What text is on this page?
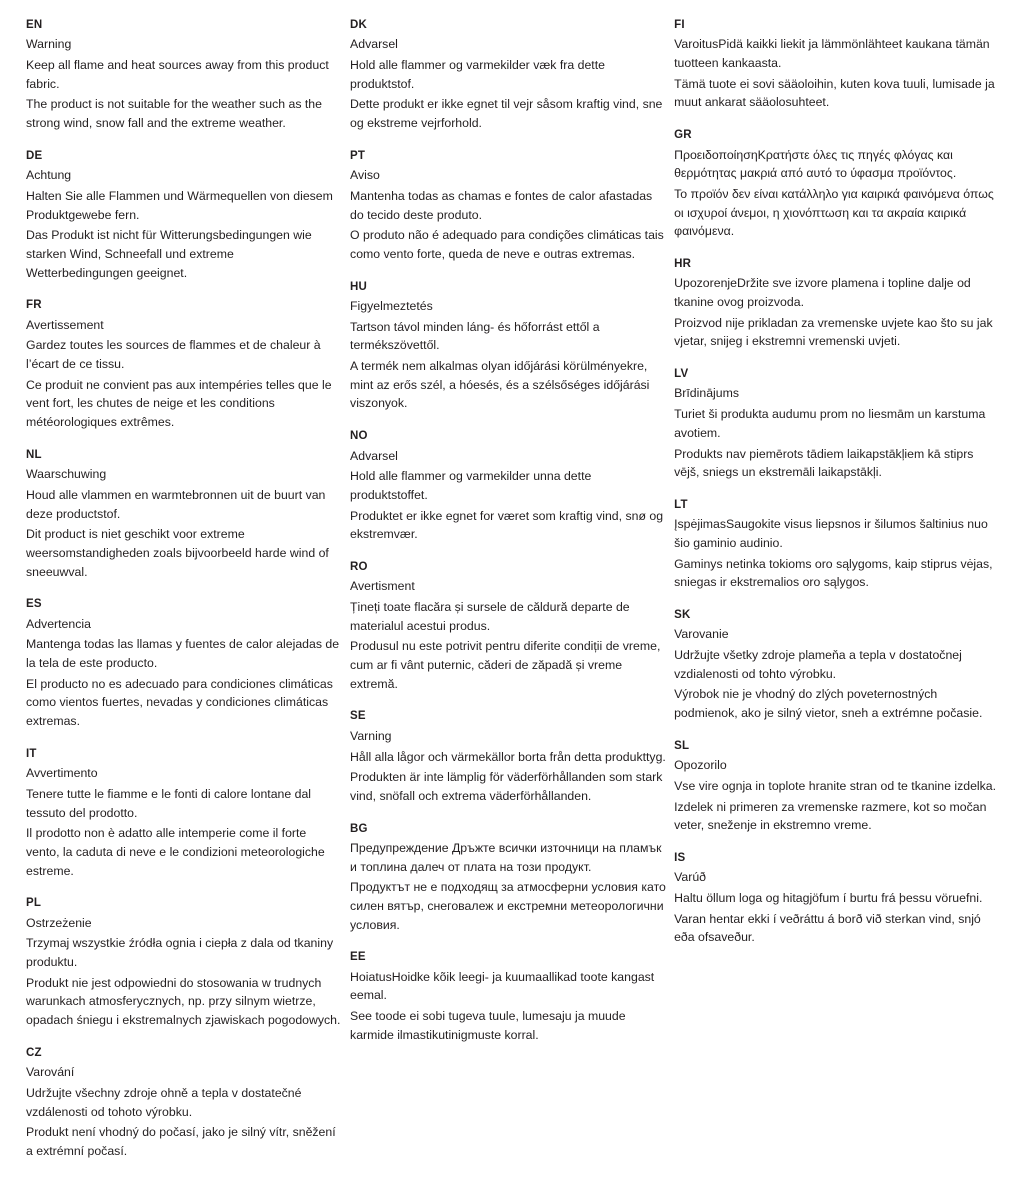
EN
Warning
Keep all flame and heat sources away from this product fabric.
The product is not suitable for the weather such as the strong wind, snow fall and the extreme weather.
DE
Achtung
Halten Sie alle Flammen und Wärmequellen von diesem Produktgewebe fern.
Das Produkt ist nicht für Witterungsbedingungen wie starken Wind, Schneefall und extreme Wetterbedingungen geeignet.
FR
Avertissement
Gardez toutes les sources de flammes et de chaleur à l’écart de ce tissu.
Ce produit ne convient pas aux intempéries telles que le vent fort, les chutes de neige et les conditions météorologiques extrêmes.
NL
Waarschuwing
Houd alle vlammen en warmtebronnen uit de buurt van deze productstof.
Dit product is niet geschikt voor extreme weersomstandigheden zoals bijvoorbeeld harde wind of sneeuwval.
ES
Advertencia
Mantenga todas las llamas y fuentes de calor alejadas de la tela de este producto.
El producto no es adecuado para condiciones climáticas como vientos fuertes, nevadas y condiciones climáticas extremas.
IT
Avvertimento
Tenere tutte le fiamme e le fonti di calore lontane dal tessuto del prodotto.
Il prodotto non è adatto alle intemperie come il forte vento, la caduta di neve e le condizioni meteorologiche estreme.
PL
Ostrzeżenie
Trzymaj wszystkie źródła ognia i ciepła z dala od tkaniny produktu.
Produkt nie jest odpowiedni do stosowania w trudnych warunkach atmosferycznych, np. przy silnym wietrze, opadach śniegu i ekstremalnych zjawiskach pogodowych.
CZ
Varování
Udržujte všechny zdroje ohně a tepla v dostatečné vzdálenosti od tohoto výrobku.
Produkt není vhodný do počasí, jako je silný vítr, sněžení a extrémní počasí.
DK
Advarsel
Hold alle flammer og varmekilder væk fra dette produktstof.
Dette produkt er ikke egnet til vejr såsom kraftig vind, sne og ekstreme vejrforhold.
PT
Aviso
Mantenha todas as chamas e fontes de calor afastadas do tecido deste produto.
O produto não é adequado para condições climáticas tais como vento forte, queda de neve e outras extremas.
HU
Figyelmeztetés
Tartson távol minden láng- és hőforrást ettől a termékszövettől.
A termék nem alkalmas olyan időjárási körülményekre, mint az erős szél, a hóesés, és a szélsőséges időjárási viszonyok.
NO
Advarsel
Hold alle flammer og varmekilder unna dette produktstoffet.
Produktet er ikke egnet for været som kraftig vind, snø og ekstremvær.
RO
Avertisment
Țineți toate flacăra și sursele de căldură departe de materialul acestui produs.
Produsul nu este potrivit pentru diferite condiții de vreme, cum ar fi vânt puternic, căderi de zăpadă și vreme extremă.
SE
Varning
Håll alla lågor och värmekällor borta från detta produkttyg.
Produkten är inte lämplig för väderförhållanden som stark vind, snöfall och extrema väderförhållanden.
BG
Предупреждение Дръжте всички източници на пламък и топлина далеч от плата на този продукт.
Продуктът не е подходящ за атмосферни условия като силен вятър, снеговалеж и екстремни метеорологични условия.
EE
HoiatusHoidke kõik leegi- ja kuumaallikad toote kangast eemal.
See toode ei sobi tugeva tuule, lumesaju ja muude karmide ilmastikutinigmuste korral.
FI
VaroitusPidä kaikki liekit ja lämmönlähteet kaukana tämän tuotteen kankaasta.
Tämä tuote ei sovi sääoloihin, kuten kova tuuli, lumisade ja muut ankarat sääolosuhteet.
GR
ΠροειδοποίησηΚρατήστε όλες τις πηγές φλόγας και θερμότητας μακριά από αυτό το ύφασμα προϊόντος.
Το προϊόν δεν είναι κατάλληλο για καιρικά φαινόμενα όπως οι ισχυροί άνεμοι, η χιονόπτωση και τα ακραία καιρικά φαινόμενα.
HR
UpozorenjeDržite sve izvore plamena i topline dalje od tkanine ovog proizvoda.
Proizvod nije prikladan za vremenske uvjete kao što su jak vjetar, snijeg i ekstremni vremenski uvjeti.
LV
Brīdinājums
Turiet ši produkta audumu prom no liesmām un karstuma avotiem.
Produkts nav piemērots tādiem laikapstākļiem kā stiprs vējš, sniegs un ekstremāli laikapstākļi.
LT
ĮspėjimasSaugokite visus liepsnos ir šilumos šaltinius nuo šio gaminio audinio.
Gaminys netinka tokioms oro sąlygoms, kaip stiprus vėjas, sniegas ir ekstremalios oro sąlygos.
SK
Varovanie
Udržujte všetky zdroje plameňa a tepla v dostatočnej vzdialenosti od tohto výrobku.
Výrobok nie je vhodný do zlých poveternostných podmienok, ako je silný vietor, sneh a extrémne počasie.
SL
Opozorilo
Vse vire ognja in toplote hranite stran od te tkanine izdelka.
Izdelek ni primeren za vremenske razmere, kot so močan veter, sneženje in ekstremno vreme.
IS
Varúð
Haltu öllum loga og hitagjöfum í burtu frá þessu vöruefni.
Varan hentar ekki í veðráttu á borð við sterkan vind, snjó eða ofsaveður.
